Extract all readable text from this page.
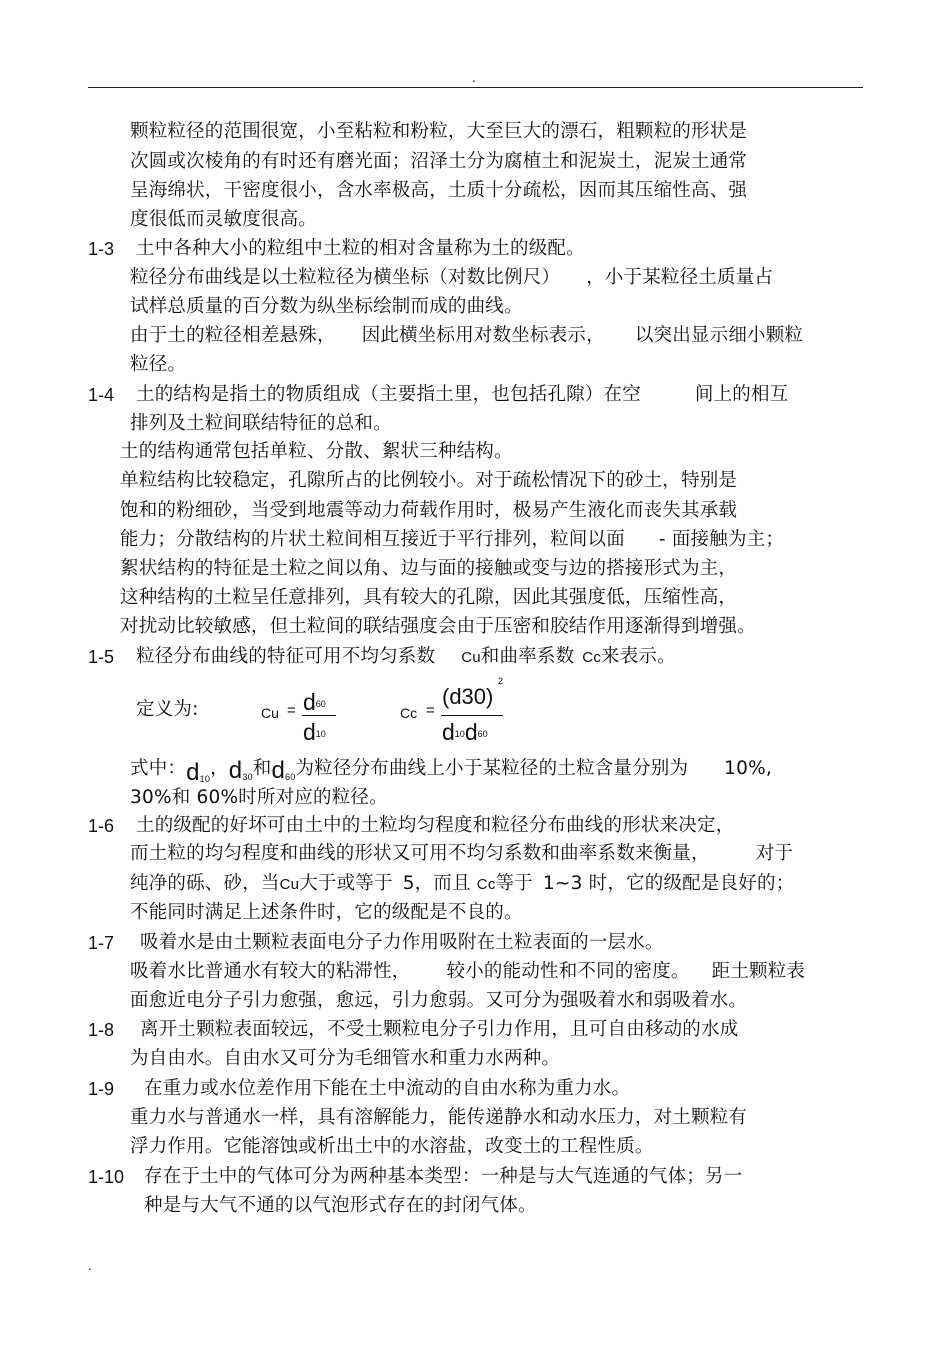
.
颗粒粒径的范围很宽，小至粘粒和粉粒，大至巨大的漂石，粗颗粒的形状是
次圆或次棱角的有时还有磨光面；沼泽土分为腐植土和泥炭土，泥炭土通常
呈海绵状，干密度很小，含水率极高，土质十分疏松，因而其压缩性高、强
度很低而灵敏度很高。
1-3 土中各种大小的粒组中土粒的相对含量称为土的级配。
粒径分布曲线是以土粒粒径为横坐标（对数比例尺） ，小于某粒径土质量占
试样总质量的百分数为纵坐标绘制而成的曲线。
由于土的粒径相差悬殊， 因此横坐标用对数坐标表示， 以突出显示细小颗粒
粒径。
1-4 土的结构是指土的物质组成（主要指土里，也包括孔隙）在空	间上的相互
排列及土粒间联结特征的总和。
土的结构通常包括单粒、分散、絮状三种结构。
单粒结构比较稳定，孔隙所占的比例较小。对于疏松情况下的砂土，特别是
饱和的粉细砂，当受到地震等动力荷载作用时，极易产生液化而丧失其承载
能力；分散结构的片状土粒间相互接近于平行排列，粒间以面 - 面接触为主；
絮状结构的特征是土粒之间以角、边与面的接触或变与边的搭接形式为主，
这种结构的土粒呈任意排列，具有较大的孔隙，因此其强度低，压缩性高，
对扰动比较敏感，但土粒间的联结强度会由于压密和胶结作用逐渐得到增强。
1-5 粒径分布曲线的特征可用不均匀系数 Cu和曲率系数 Cc来表示。
定义为:	$Cu = d^{60}$
$d^{10}$
Cc =
(d30)
2
$d^{10}d^{60}$
式中：$d_{10}$，$d_{30}$和$d_{60}$为粒径分布曲线上小于某粒径的土粒含量分别为 10%,
30%和 60%时所对应的粒径。
1-6 土的级配的好坏可由土中的土粒均匀程度和粒径分布曲线的形状来决定，
而土粒的均匀程度和曲线的形状又可用不均匀系数和曲率系数来衡量， 对于
纯净的砾、砂，当Cu大于或等于 5，而且 Cc等于 1~3 时，它的级配是良好的；
不能同时满足上述条件时，它的级配是不良的。
1-7 吸着水是由土颗粒表面电分子力作用吸附在土粒表面的一层水。
吸着水比普通水有较大的粘滞性， 较小的能动性和不同的密度。 距土颗粒表
面愈近电分子引力愈强，愈远，引力愈弱。又可分为强吸着水和弱吸着水。
1-8 离开土颗粒表面较远，不受土颗粒电分子引力作用，且可自由移动的水成
为自由水。自由水又可分为毛细管水和重力水两种。
1-9 在重力或水位差作用下能在土中流动的自由水称为重力水。
重力水与普通水一样，具有溶解能力，能传递静水和动水压力，对土颗粒有
浮力作用。它能溶蚀或析出土中的水溶盐，改变土的工程性质。
1-10 存在于土中的气体可分为两种基本类型：一种是与大气连通的气体；另一
种是与大气不通的以气泡形式存在的封闭气体。
.
